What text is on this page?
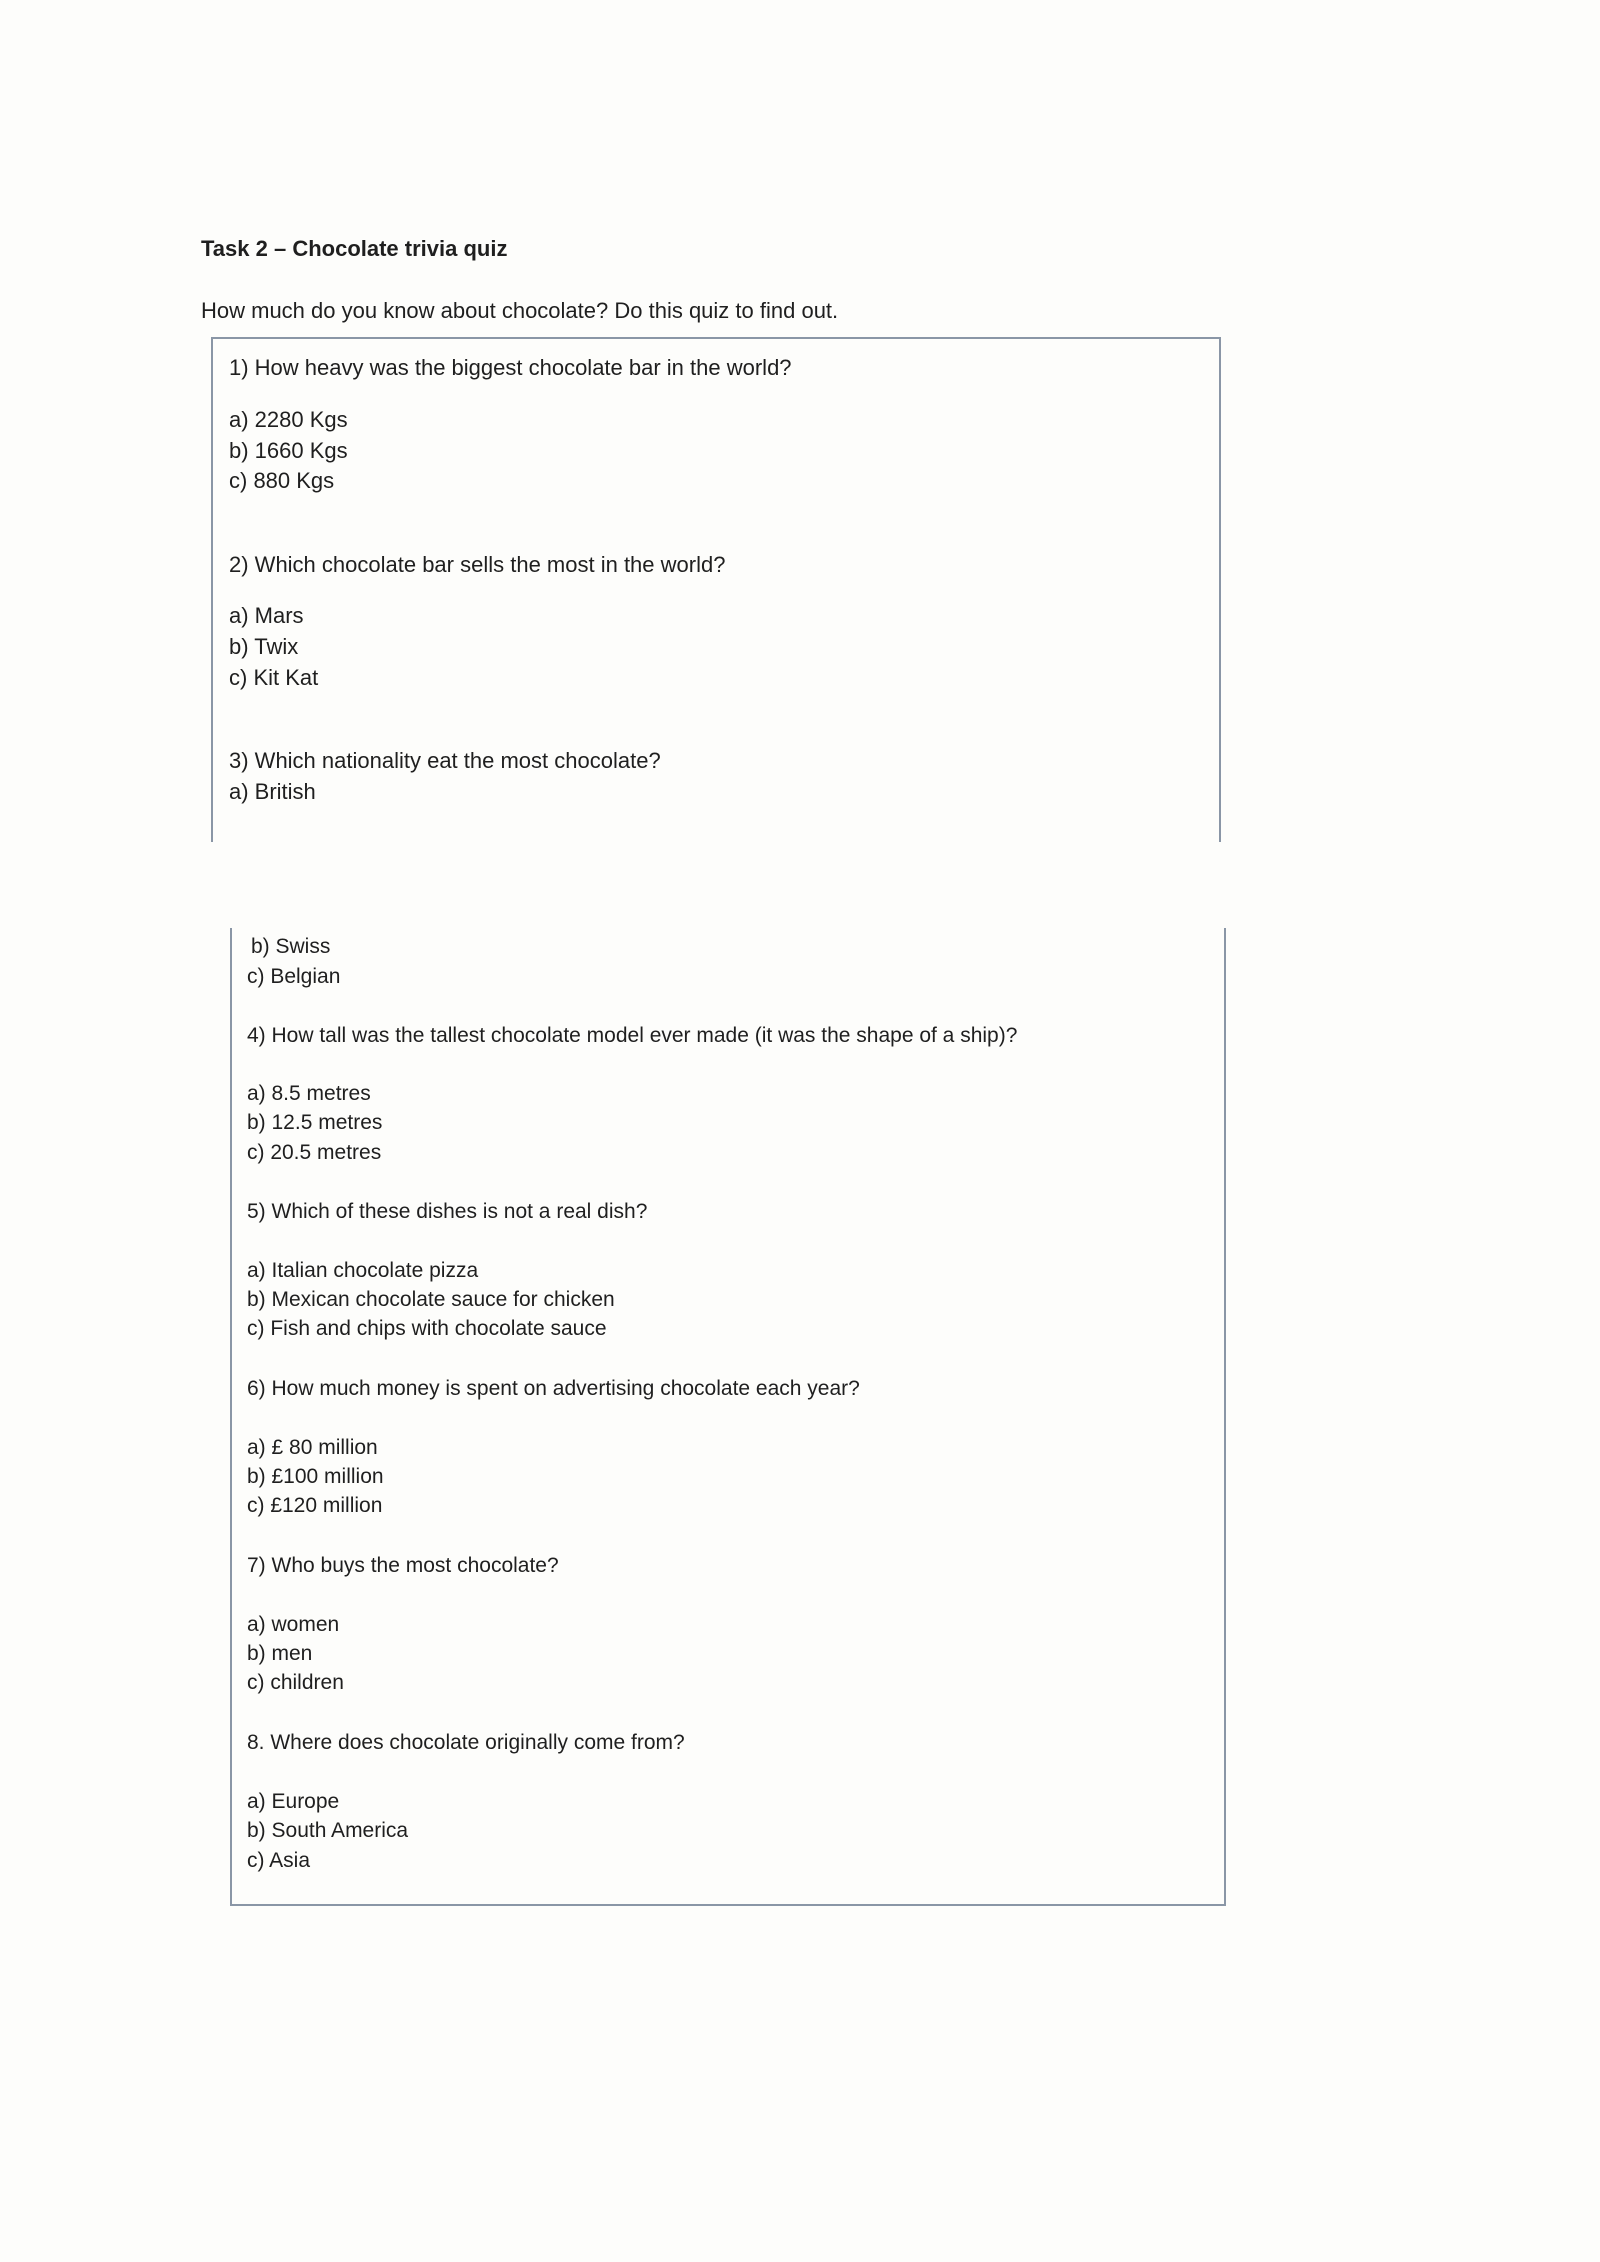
Task 2 – Chocolate trivia quiz

How much do you know about chocolate? Do this quiz to find out.

1) How heavy was the biggest chocolate bar in the world?

a) 2280 Kgs

b) 1660 Kgs

c) 880 Kgs

2) Which chocolate bar sells the most in the world?

a) Mars

b) Twix

c) Kit Kat

3) Which nationality eat the most chocolate?

a) British

b) Swiss

c) Belgian

4) How tall was the tallest chocolate model ever made (it was the shape of a ship)?

a) 8.5 metres

b) 12.5 metres

c) 20.5 metres

5) Which of these dishes is not a real dish?

a) Italian chocolate pizza

b) Mexican chocolate sauce for chicken

c) Fish and chips with chocolate sauce

6) How much money is spent on advertising chocolate each year?

a) £ 80 million

b) £100 million

c) £120 million

7) Who buys the most chocolate?

a) women

b) men

c) children

8. Where does chocolate originally come from?

a) Europe

b) South America

c) Asia
